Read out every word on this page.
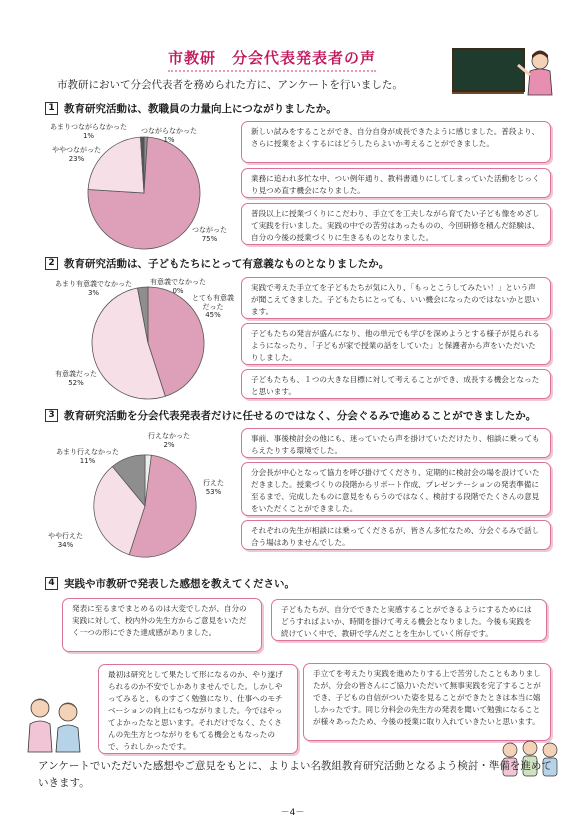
市教研　分会代表発表者の声
市教研において分会代表者を務められた方に、アンケートを行いました。
1 教育研究活動は、教職員の力量向上につながりましたか。
あまりつながらなかった
1%
つながらなかった
1%
ややつながった
23%
つながった
75%
新しい試みをすることができ、自分自身が成長できたように感じました。普段より、さらに授業をよくするにはどうしたらよいか考えることができました。
業務に追われ多忙な中、つい例年通り、教科書通りにしてしまっていた活動をじっくり見つめ直す機会になりました。
普段以上に授業づくりにこだわり、手立てを工夫しながら育てたい子ども像をめざして実践を行いました。実践の中での苦労はあったものの、今回研修を積んだ経験は、自分の今後の授業づくりに生きるものとなりました。
2 教育研究活動は、子どもたちにとって有意義なものとなりましたか。
あまり有意義でなかった
3%
有意義でなかった
0%
とても有意義
だった
45%
有意義だった
52%
実践で考えた手立てを子どもたちが気に入り、「もっとこうしてみたい！」という声が聞こえてきました。子どもたちにとっても、いい機会になったのではないかと思います。
子どもたちの発言が盛んになり、他の単元でも学びを深めようとする様子が見られるようになったり、「子どもが家で授業の話をしていた」と保護者から声をいただいたりしました。
子どもたちも、１つの大きな目標に対して考えることができ、成長する機会となったと思います。
3 教育研究活動を分会代表発表者だけに任せるのではなく、分会ぐるみで進めることができましたか。
行えなかった
2%
あまり行えなかった
11%
行えた
53%
やや行えた
34%
事前、事後検討会の他にも、迷っていたら声を掛けていただけたり、相談に乗ってもらえたりする環境でした。
分会長が中心となって協力を呼び掛けてくださり、定期的に検討会の場を設けていただきました。授業づくりの段階からリポート作成、プレゼンテーションの発表準備に至るまで、完成したものに意見をもらうのではなく、検討する段階でたくさんの意見をいただくことができました。
それぞれの先生が相談には乗ってくださるが、皆さん多忙なため、分会ぐるみで話し合う場はありませんでした。
4 実践や市教研で発表した感想を教えてください。
発表に至るまでまとめるのは大変でしたが、自分の実践に対して、校内外の先生方からご意見をいただく一つの形にできた達成感がありました。
子どもたちが、自分でできたと実感することができるようにするためにはどうすればよいか、時間を掛けて考える機会となりました。今後も実践を続けていく中で、教研で学んだことを生かしていく所存です。
最初は研究として果たして形になるのか、やり遂げられるのか不安でしかありませんでした。しかしやってみると、ものすごく勉強になり、仕事へのモチベーションの向上にもつながりました。今ではやってよかったなと思います。それだけでなく、たくさんの先生方とつながりをもてる機会ともなったので、うれしかったです。
手立てを考えたり実践を進めたりする上で苦労したこともありましたが、分会の皆さんにご協力いただいて無事実践を完了することができ、子どもの自信がついた姿を見ることができたときは本当に嬉しかったです。同じ分科会の先生方の発表を聞いて勉強になることが様々あったため、今後の授業に取り入れていきたいと思います。
アンケートでいただいた感想やご意見をもとに、よりよい名教組教育研究活動となるよう検討・準備を進めていきます。
－4－
